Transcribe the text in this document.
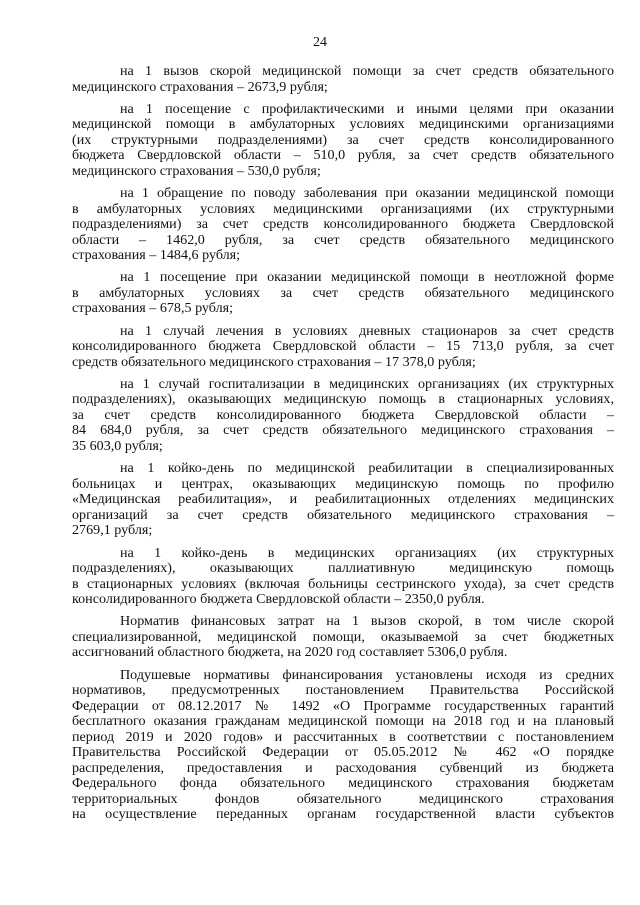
24

на 1 вызов скорой медицинской помощи за счет средств обязательного
медицинского страхования – 2673,9 рубля;

на 1 посещение с профилактическими и иными целями при оказании
медицинской помощи в амбулаторных условиях медицинскими организациями
(их структурными подразделениями) за счет средств консолидированного
бюджета Свердловской области – 510,0 рубля, за счет средств обязательного
медицинского страхования – 530,0 рубля;

на 1 обращение по поводу заболевания при оказании медицинской помощи
в амбулаторных условиях медицинскими организациями (их структурными
подразделениями) за счет средств консолидированного бюджета Свердловской
области – 1462,0 рубля, за счет средств обязательного медицинского
страхования – 1484,6 рубля;

на 1 посещение при оказании медицинской помощи в неотложной форме
в амбулаторных условиях за счет средств обязательного медицинского
страхования – 678,5 рубля;

на 1 случай лечения в условиях дневных стационаров за счет средств
консолидированного бюджета Свердловской области – 15 713,0 рубля, за счет
средств обязательного медицинского страхования – 17 378,0 рубля;

на 1 случай госпитализации в медицинских организациях (их структурных
подразделениях), оказывающих медицинскую помощь в стационарных условиях,
за счет средств консолидированного бюджета Свердловской области –
84 684,0 рубля, за счет средств обязательного медицинского страхования –
35 603,0 рубля;

на 1 койко-день по медицинской реабилитации в специализированных
больницах и центрах, оказывающих медицинскую помощь по профилю
«Медицинская реабилитация», и реабилитационных отделениях медицинских
организаций за счет средств обязательного медицинского страхования –
2769,1 рубля;

на 1 койко-день в медицинских организациях (их структурных
подразделениях), оказывающих паллиативную медицинскую помощь
в стационарных условиях (включая больницы сестринского ухода), за счет средств
консолидированного бюджета Свердловской области – 2350,0 рубля.

Норматив финансовых затрат на 1 вызов скорой, в том числе скорой
специализированной, медицинской помощи, оказываемой за счет бюджетных
ассигнований областного бюджета, на 2020 год составляет 5306,0 рубля.

Подушевые нормативы финансирования установлены исходя из средних
нормативов, предусмотренных постановлением Правительства Российской
Федерации от 08.12.2017 № 1492 «О Программе государственных гарантий
бесплатного оказания гражданам медицинской помощи на 2018 год и на плановый
период 2019 и 2020 годов» и рассчитанных в соответствии с постановлением
Правительства Российской Федерации от 05.05.2012 № 462 «О порядке
распределения, предоставления и расходования субвенций из бюджета
Федерального фонда обязательного медицинского страхования бюджетам
территориальных фондов обязательного медицинского страхования
на осуществление переданных органам государственной власти субъектов
